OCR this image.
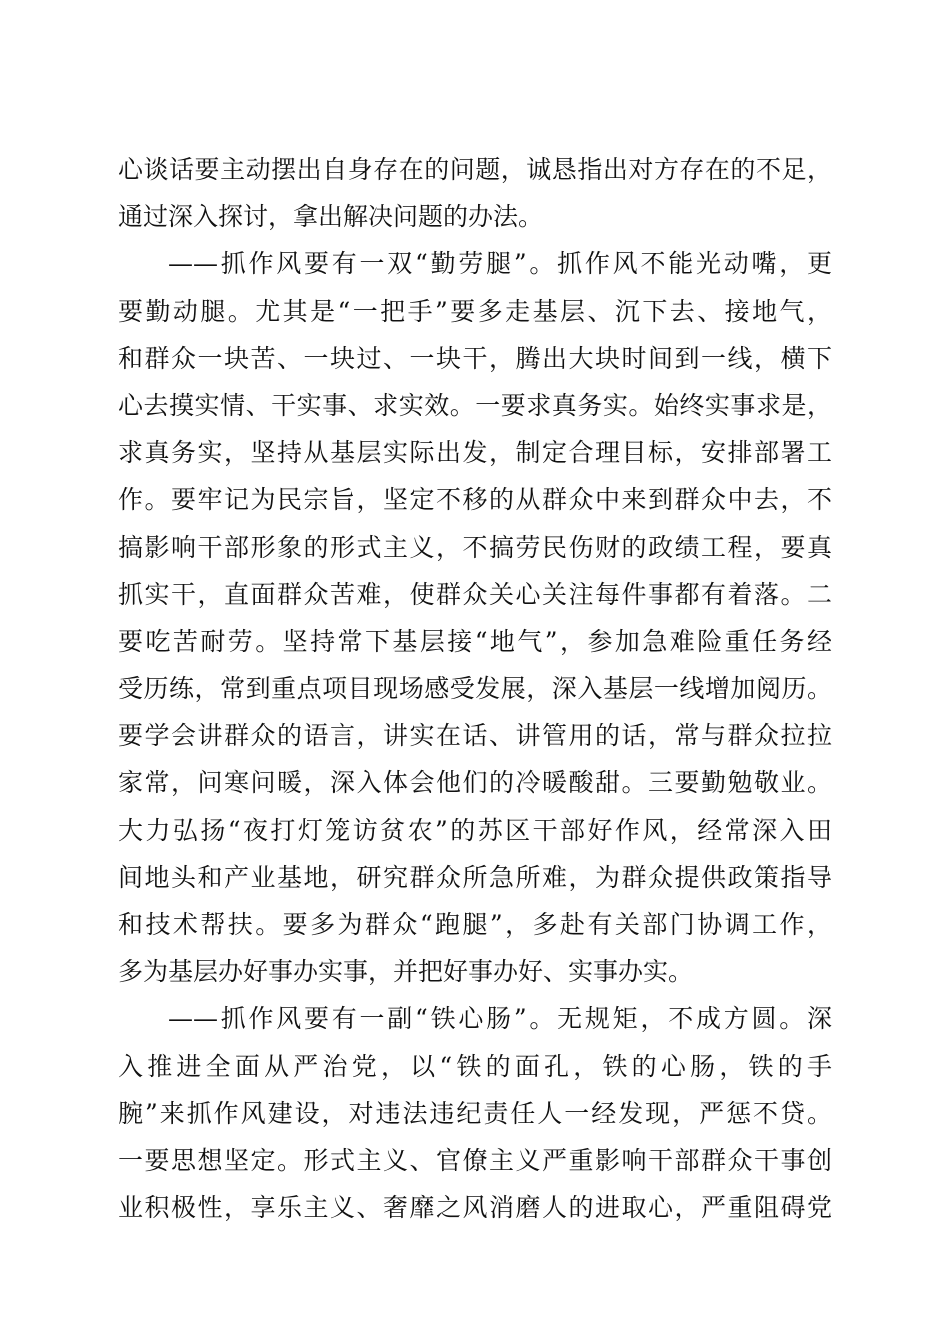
心谈话要主动摆出自身存在的问题，诚恳指出对方存在的不足，
通过深入探讨，拿出解决问题的办法。
——抓作风要有一双“勤劳腿”。抓作风不能光动嘴，更
要勤动腿。尤其是“一把手”要多走基层、沉下去、接地气，
和群众一块苦、一块过、一块干，腾出大块时间到一线，横下
心去摸实情、干实事、求实效。一要求真务实。始终实事求是，
求真务实，坚持从基层实际出发，制定合理目标，安排部署工
作。要牢记为民宗旨，坚定不移的从群众中来到群众中去，不
搞影响干部形象的形式主义，不搞劳民伤财的政绩工程，要真
抓实干，直面群众苦难，使群众关心关注每件事都有着落。二
要吃苦耐劳。坚持常下基层接“地气”，参加急难险重任务经
受历练，常到重点项目现场感受发展，深入基层一线增加阅历。
要学会讲群众的语言，讲实在话、讲管用的话，常与群众拉拉
家常，问寒问暖，深入体会他们的冷暖酸甜。三要勤勉敬业。
大力弘扬“夜打灯笼访贫农”的苏区干部好作风，经常深入田
间地头和产业基地，研究群众所急所难，为群众提供政策指导
和技术帮扶。要多为群众“跑腿”，多赴有关部门协调工作，
多为基层办好事办实事，并把好事办好、实事办实。
——抓作风要有一副“铁心肠”。无规矩，不成方圆。深
入推进全面从严治党，以“铁的面孔，铁的心肠，铁的手
腕”来抓作风建设，对违法违纪责任人一经发现，严惩不贷。
一要思想坚定。形式主义、官僚主义严重影响干部群众干事创
业积极性，享乐主义、奢靡之风消磨人的进取心，严重阻碍党
